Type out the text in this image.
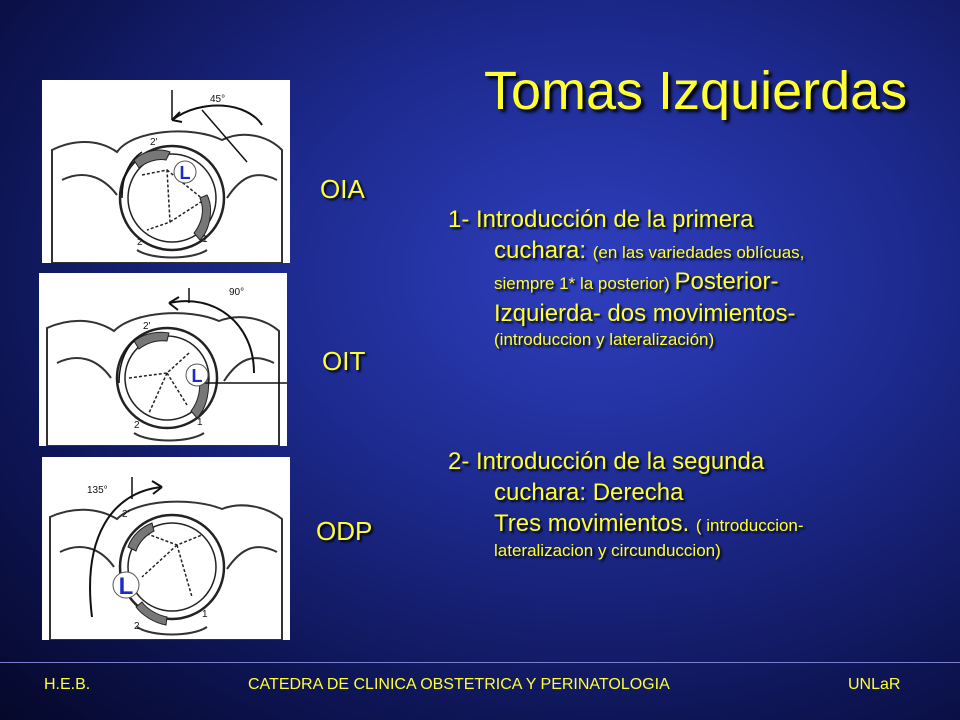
Tomas Izquierdas
45°
2'
2	1
L
OIA
90°
2'
2	1
L	OIT
135°
2'
2
1
L
ODP
1- Introducción de la primera

cuchara: (en las variedades oblícuas,
siempre 1* la posterior) Posterior-
Izquierda- dos movimientos-
(introduccion y lateralización)
2- Introducción de la segunda

cuchara: Derecha
Tres movimientos. ( introduccion-
lateralizacion y circunduccion)
H.E.B.	CATEDRA DE CLINICA OBSTETRICA Y PERINATOLOGIA	UNLaR
